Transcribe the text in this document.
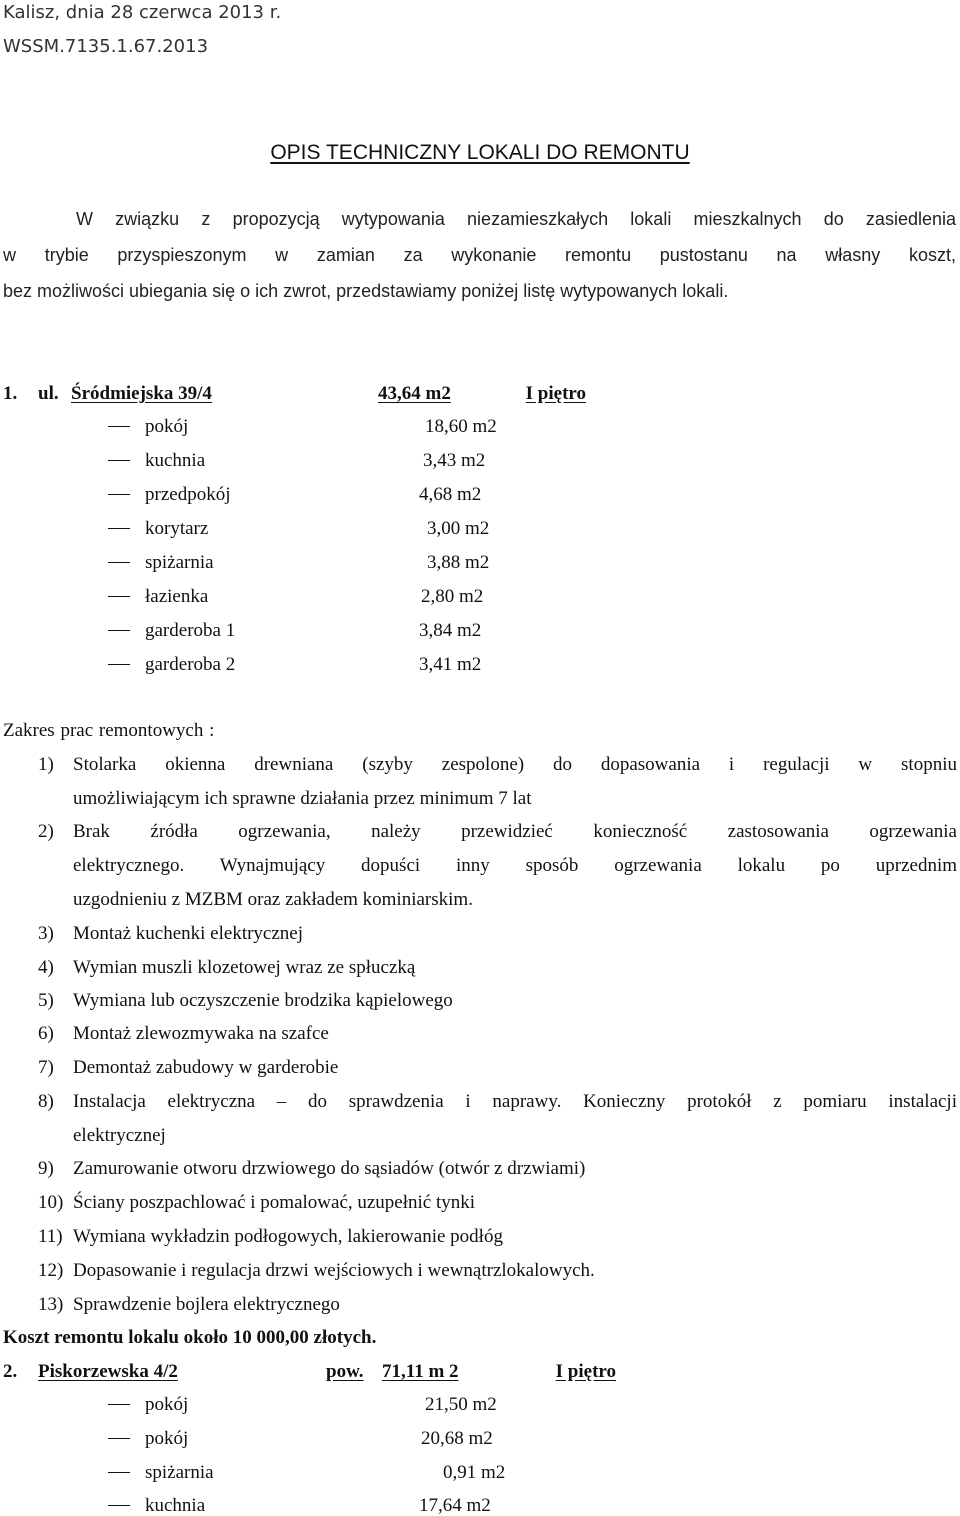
Kalisz, dnia 28 czerwca 2013 r.
WSSM.7135.1.67.2013
OPIS TECHNICZNY LOKALI DO REMONTU
W związku z propozycją wytypowania niezamieszkałych lokali mieszkalnych do zasiedlenia
w trybie przyspieszonym w zamian za wykonanie remontu pustostanu na własny koszt,
bez możliwości ubiegania się o ich zwrot, przedstawiamy poniżej listę wytypowanych lokali.
1. ul. Śródmiejska 39/4	43,64 m2	I piętro
pokój	18,60 m2
kuchnia	3,43 m2
przedpokój	4,68 m2
korytarz	3,00 m2
spiżarnia	3,88 m2
łazienka	2,80 m2
garderoba 1	3,84 m2
garderoba 2	3,41 m2
Zakres prac remontowych :
1) Stolarka okienna drewniana (szyby zespolone) do dopasowania i regulacji w stopniu
umożliwiającym ich sprawne działania przez minimum 7 lat
2) Brak źródła ogrzewania, należy przewidzieć konieczność zastosowania ogrzewania
elektrycznego. Wynajmujący dopuści inny sposób ogrzewania lokalu po uprzednim
uzgodnieniu z MZBM oraz zakładem kominiarskim.
3) Montaż kuchenki elektrycznej
4) Wymian muszli klozetowej wraz ze spłuczką
5) Wymiana lub oczyszczenie brodzika kąpielowego
6) Montaż zlewozmywaka na szafce
7) Demontaż zabudowy w garderobie
8) Instalacja elektryczna – do sprawdzenia i naprawy. Konieczny protokół z pomiaru instalacji
elektrycznej
9) Zamurowanie otworu drzwiowego do sąsiadów (otwór z drzwiami)
10) Ściany poszpachlować i pomalować, uzupełnić tynki
11) Wymiana wykładzin podłogowych, lakierowanie podłóg
12) Dopasowanie i regulacja drzwi wejściowych i wewnątrzlokalowych.
13) Sprawdzenie bojlera elektrycznego
Koszt remontu lokalu około 10 000,00 złotych.
2. Piskorzewska 4/2	pow. 71,11 m 2	I piętro
pokój	21,50 m2
pokój	20,68 m2
spiżarnia	0,91 m2
kuchnia	17,64 m2
